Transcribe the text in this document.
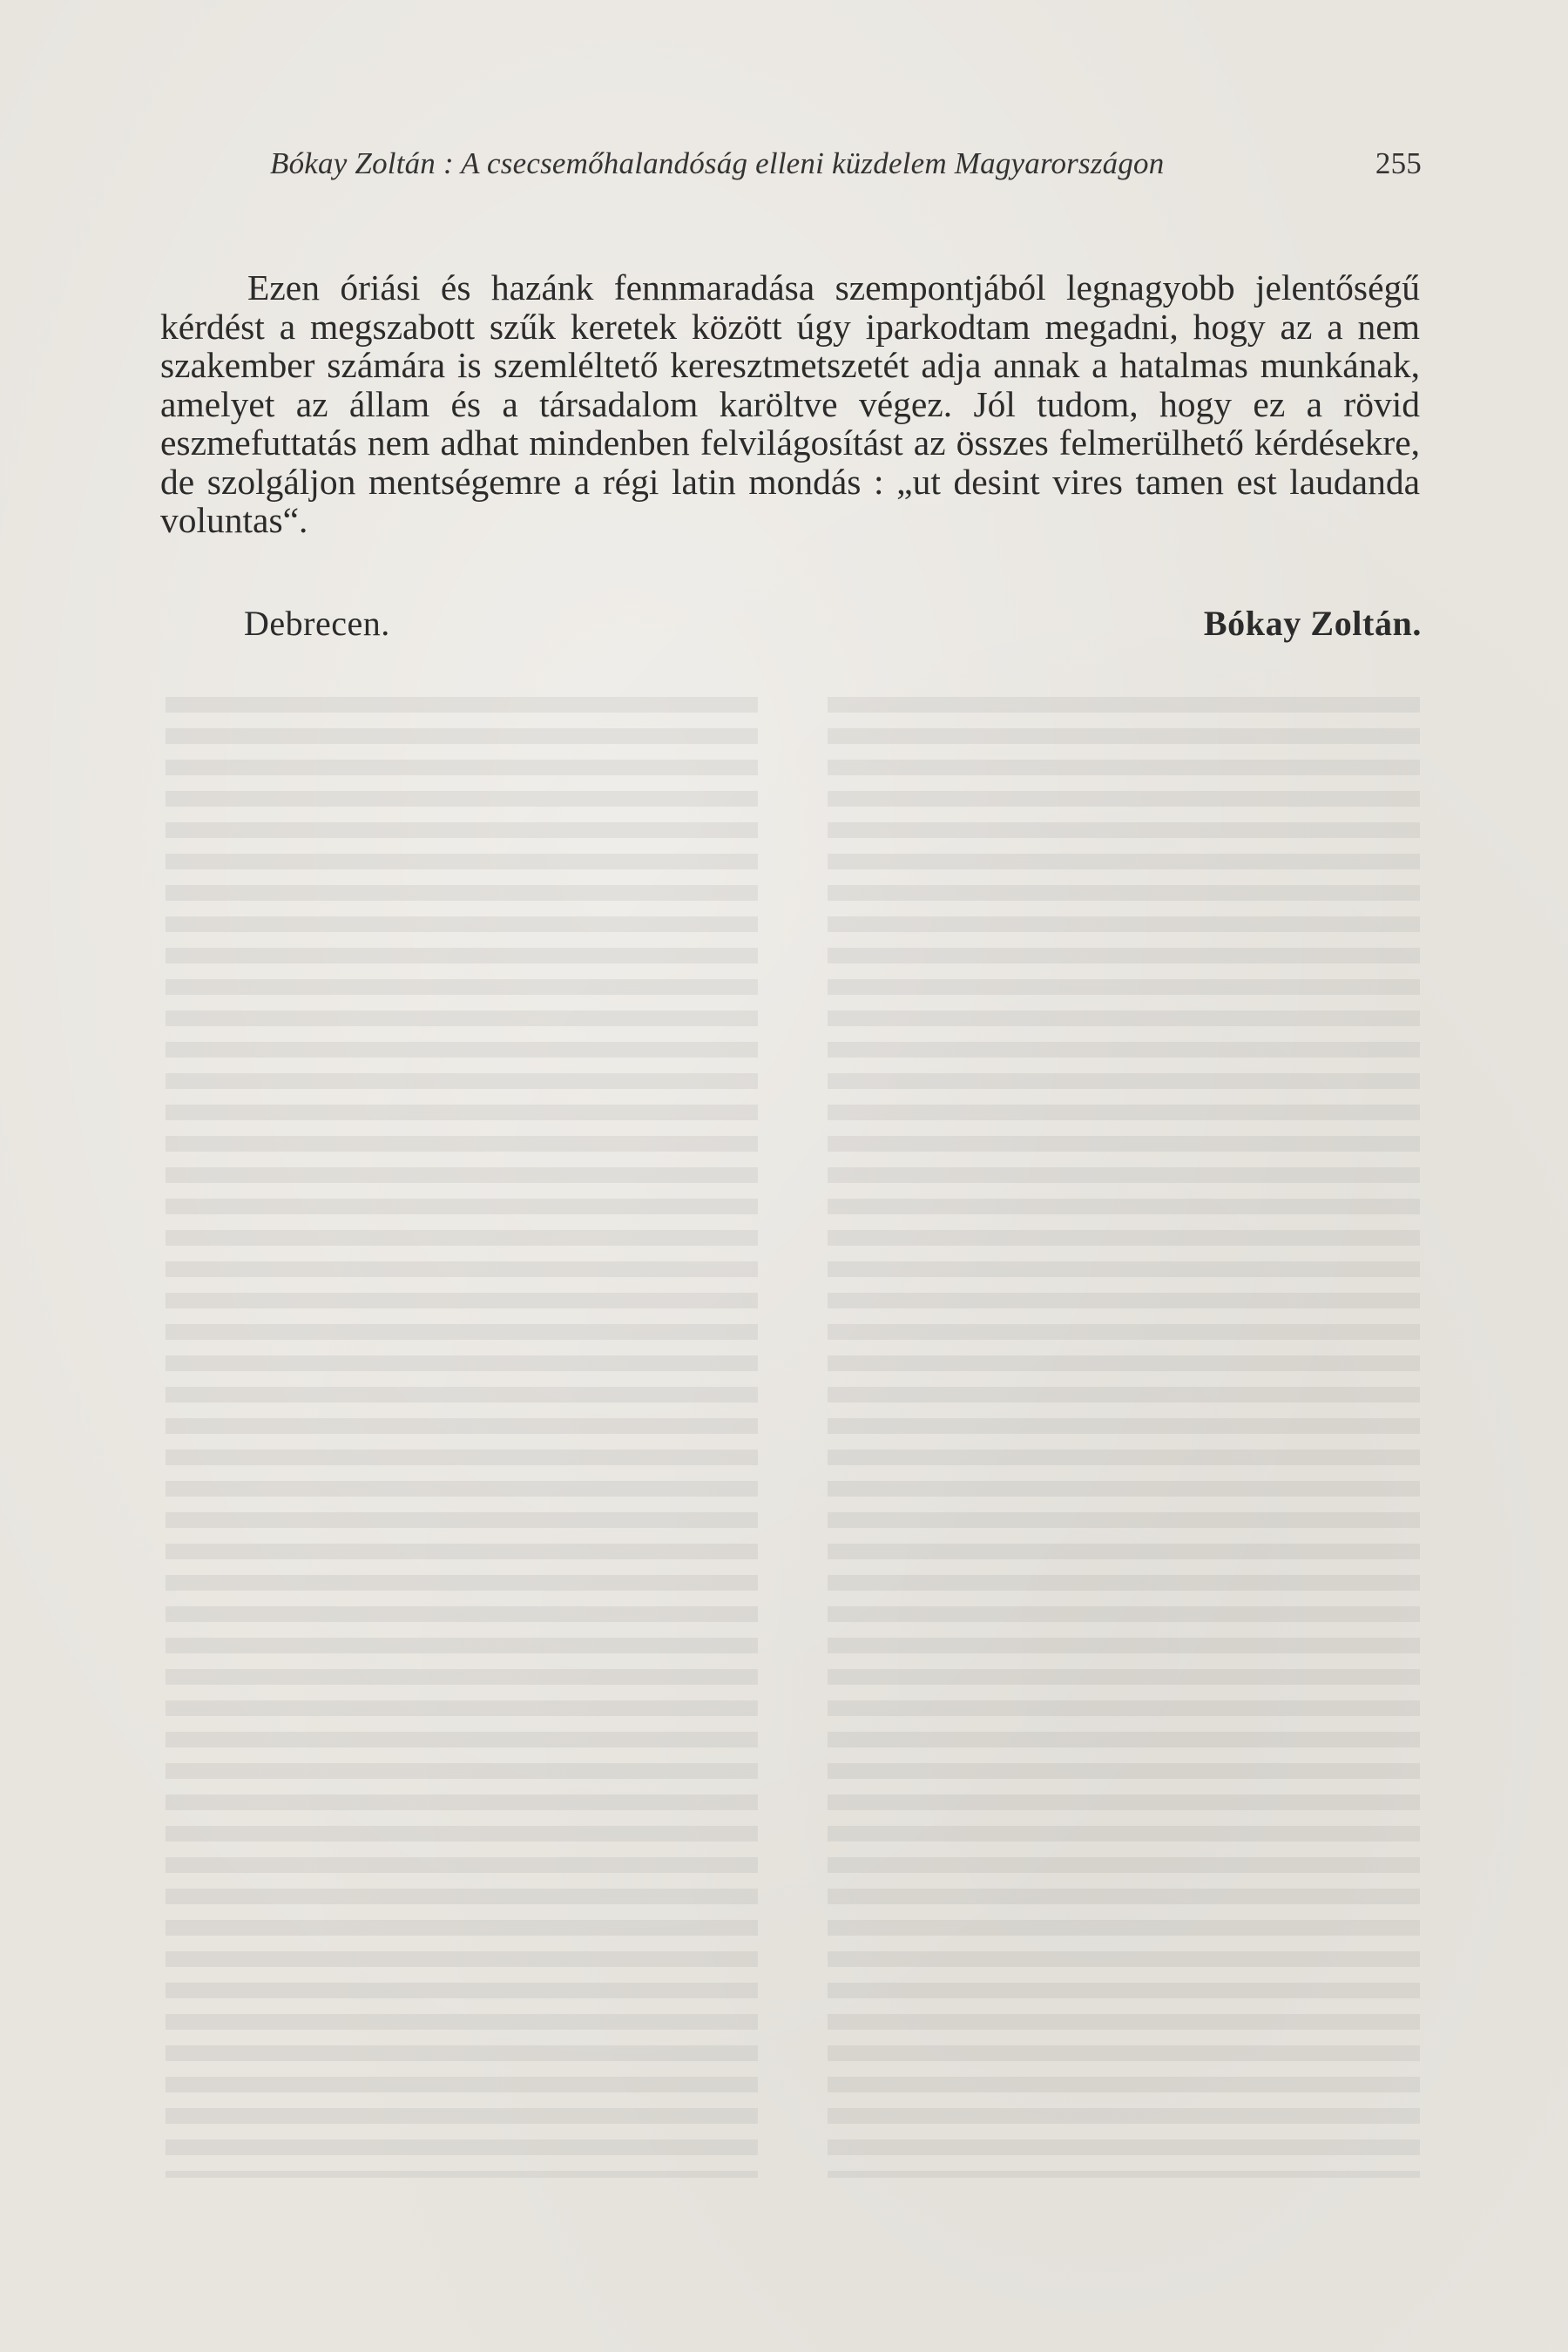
Bókay Zoltán : A csecsemőhalandóság elleni küzdelem Magyarországon	255

Ezen óriási és hazánk fennmaradása szempontjából legnagyobb jelentőségű kérdést a megszabott szűk keretek között úgy iparkodtam megadni, hogy az a nem szakember számára is szemléltető keresztmetszetét adja annak a hatalmas munkának, amelyet az állam és a társadalom karöltve végez. Jól tudom, hogy ez a rövid eszmefuttatás nem adhat mindenben felvilágosítást az összes felmerülhető kérdésekre, de szolgáljon mentségemre a régi latin mondás : „ut desint vires tamen est laudanda voluntas“.

Debrecen.	Bókay Zoltán.
